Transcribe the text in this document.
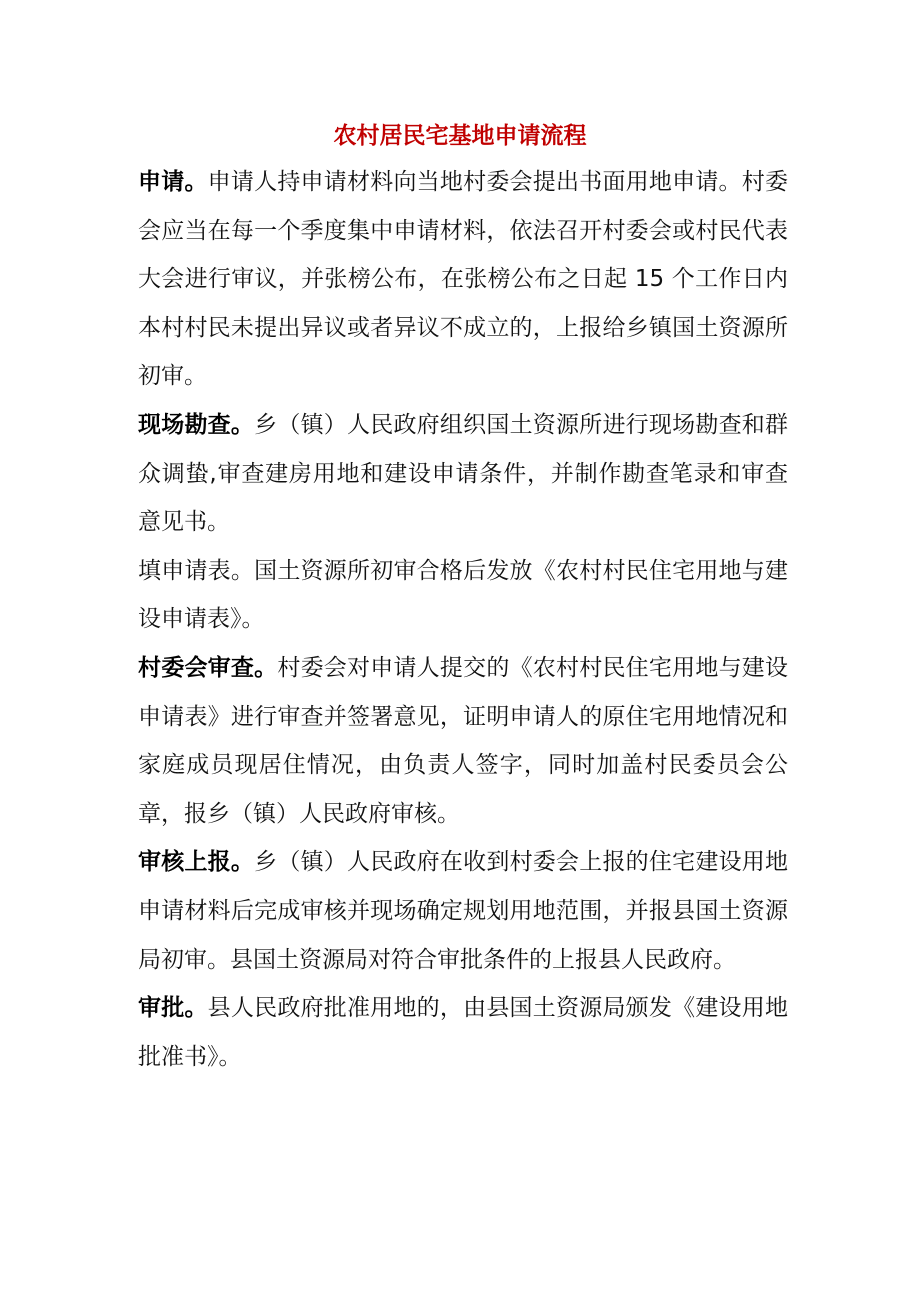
农村居民宅基地申请流程

申请。申请人持申请材料向当地村委会提出书面用地申请。村委会应当在每一个季度集中申请材料，依法召开村委会或村民代表大会进行审议，并张榜公布，在张榜公布之日起 15 个工作日内本村村民未提出异议或者异议不成立的，上报给乡镇国土资源所初审。

现场勘查。乡（镇）人民政府组织国土资源所进行现场勘查和群众调蛰,审查建房用地和建设申请条件，并制作勘查笔录和审查意见书。

填申请表。国土资源所初审合格后发放《农村村民住宅用地与建设申请表》。

村委会审查。村委会对申请人提交的《农村村民住宅用地与建设申请表》进行审查并签署意见，证明申请人的原住宅用地情况和家庭成员现居住情况，由负责人签字，同时加盖村民委员会公章，报乡（镇）人民政府审核。

审核上报。乡（镇）人民政府在收到村委会上报的住宅建设用地申请材料后完成审核并现场确定规划用地范围，并报县国土资源局初审。县国土资源局对符合审批条件的上报县人民政府。

审批。县人民政府批准用地的，由县国土资源局颁发《建设用地批准书》。
